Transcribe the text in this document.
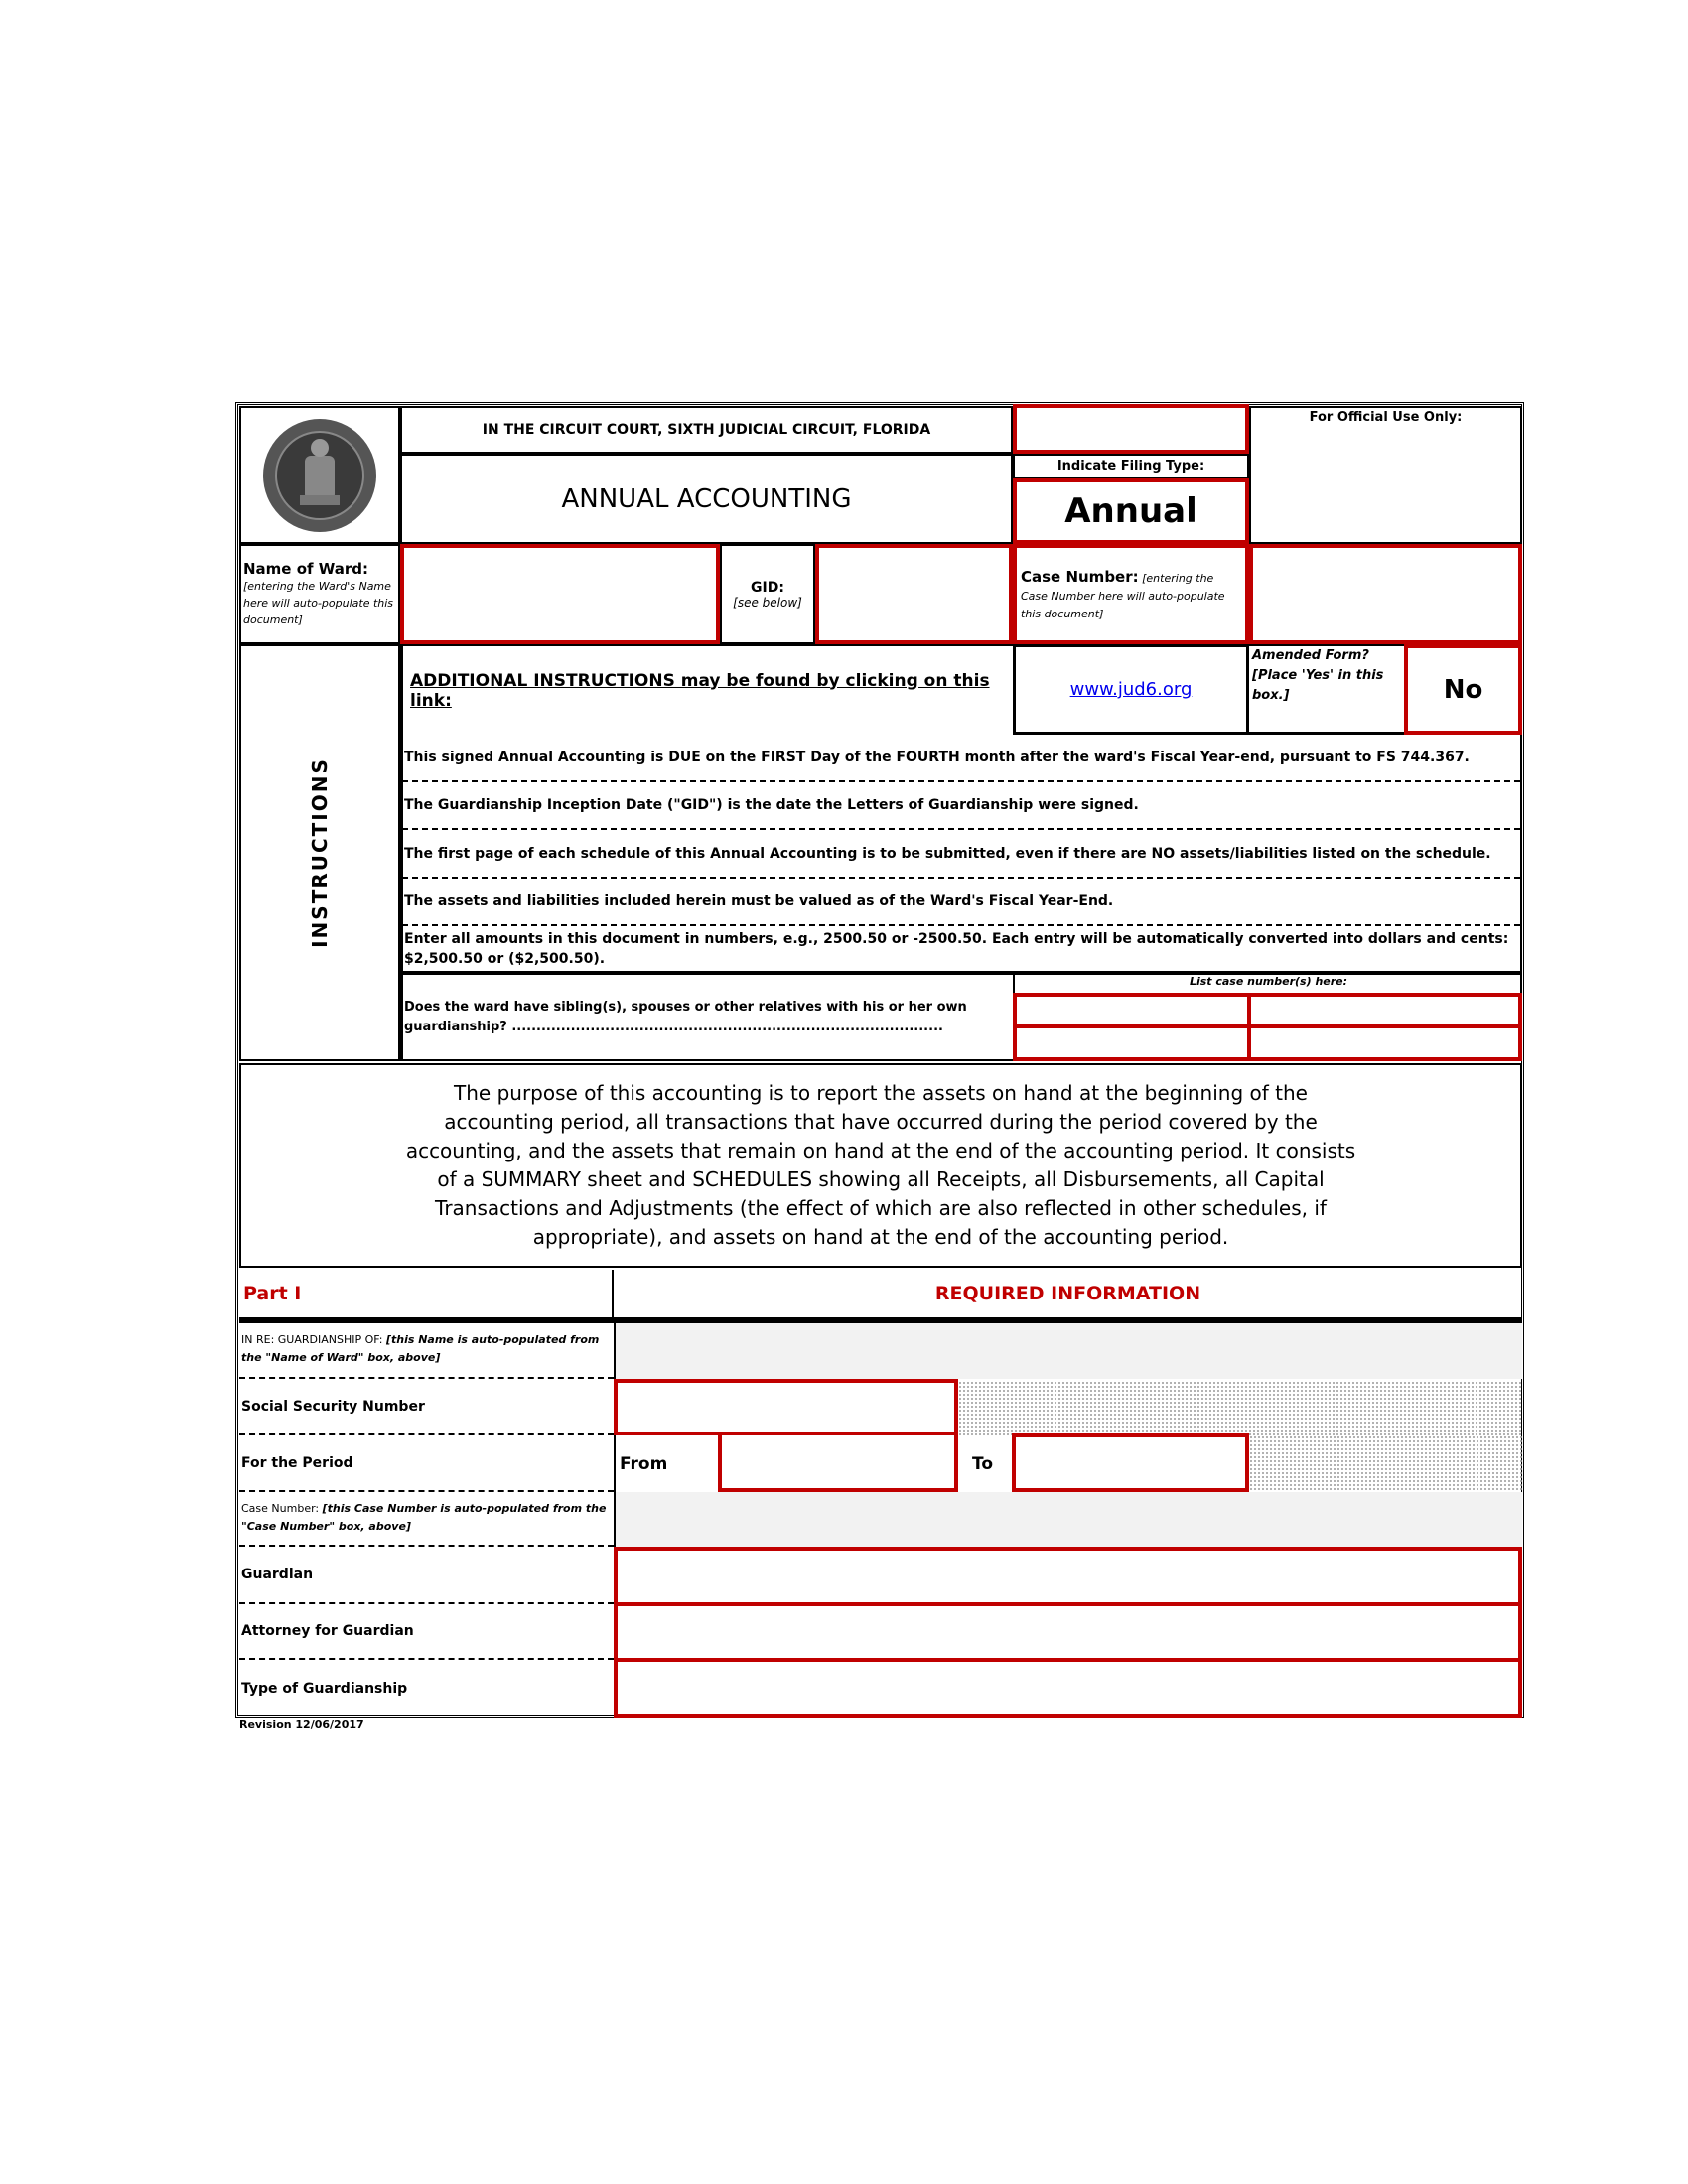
IN THE CIRCUIT COURT, SIXTH JUDICIAL CIRCUIT, FLORIDA
ANNUAL ACCOUNTING
Indicate Filing Type:
Annual
For Official Use Only:
Name of Ward:
[entering the Ward's Name here will auto-populate this document]
GID:
[see below]
Case Number: [entering the Case Number here will auto-populate this document]
INSTRUCTIONS
ADDITIONAL INSTRUCTIONS may be found by clicking on this link:
www.jud6.org
Amended Form? [Place 'Yes' in this box.]	No
This signed Annual Accounting is DUE on the FIRST Day of the FOURTH month after the ward's Fiscal Year-end, pursuant to FS 744.367.
The Guardianship Inception Date ("GID") is the date the Letters of Guardianship were signed.
The first page of each schedule of this Annual Accounting is to be submitted, even if there are NO assets/liabilities listed on the schedule.
The assets and liabilities included herein must be valued as of the Ward's Fiscal Year-End.
Enter all amounts in this document in numbers, e.g., 2500.50 or -2500.50. Each entry will be automatically converted into dollars and cents: $2,500.50 or ($2,500.50).
Does the ward have sibling(s), spouses or other relatives with his or her own guardianship? ........................................................................................
List case number(s) here:
The purpose of this accounting is to report the assets on hand at the beginning of the accounting period, all transactions that have occurred during the period covered by the accounting, and the assets that remain on hand at the end of the accounting period. It consists of a SUMMARY sheet and SCHEDULES showing all Receipts, all Disbursements, all Capital Transactions and Adjustments (the effect of which are also reflected in other schedules, if appropriate), and assets on hand at the end of the accounting period.
Part I	REQUIRED INFORMATION
IN RE: GUARDIANSHIP OF: [this Name is auto-populated from the "Name of Ward" box, above]
Social Security Number
For the Period	From	To
Case Number: [this Case Number is auto-populated from the "Case Number" box, above]
Guardian
Attorney for Guardian
Type of Guardianship
Revision 12/06/2017
